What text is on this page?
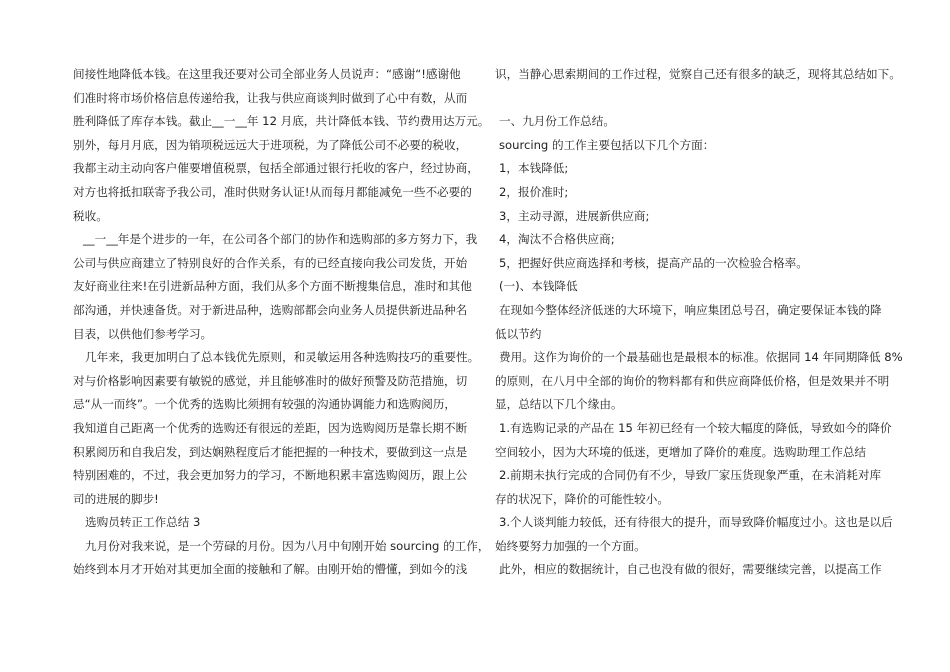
间接性地降低本钱。在这里我还要对公司全部业务人员说声：“感谢“!感谢他
们准时将市场价格信息传递给我，让我与供应商谈判时做到了心中有数，从而
胜利降低了库存本钱。截止__一__年 12 月底，共计降低本钱、节约费用达万元。
别外，每月月底，因为销项税远远大于进项税，为了降低公司不必要的税收，
我都主动主动向客户催要增值税票，包括全部通过银行托收的客户，经过协商，
对方也将抵扣联寄予我公司，准时供财务认证!从而每月都能减免一些不必要的
税收。
__一__年是个进步的一年，在公司各个部门的协作和选购部的多方努力下，我
公司与供应商建立了特别良好的合作关系，有的已经直接向我公司发货，开始
友好商业往来!在引进新品种方面，我们从多个方面不断搜集信息，准时和其他
部沟通，并快速备货。对于新进品种，选购部都会向业务人员提供新进品种名
目表，以供他们参考学习。
几年来，我更加明白了总本钱优先原则，和灵敏运用各种选购技巧的重要性。
对与价格影响因素要有敏锐的感觉，并且能够准时的做好预警及防范措施，切
忌“从一而终”。一个优秀的选购比须拥有较强的沟通协调能力和选购阅历，
我知道自己距离一个优秀的选购还有很远的差距，因为选购阅历是靠长期不断
积累阅历和自我启发，到达娴熟程度后才能把握的一种技术，要做到这一点是
特别困难的，不过，我会更加努力的学习，不断地积累丰富选购阅历，跟上公
司的进展的脚步!
选购员转正工作总结 3
九月份对我来说，是一个劳碌的月份。因为八月中旬刚开始 sourcing 的工作，
始终到本月才开始对其更加全面的接触和了解。由刚开始的懵懂，到如今的浅
识，当静心思索期间的工作过程，觉察自己还有很多的缺乏，现将其总结如下。
一、九月份工作总结。
sourcing 的工作主要包括以下几个方面：
1，本钱降低;
2，报价准时;
3，主动寻源，进展新供应商;
4，淘汰不合格供应商;
5，把握好供应商选择和考核，提高产品的一次检验合格率。
(一)、本钱降低
在现如今整体经济低迷的大环境下，响应集团总号召，确定要保证本钱的降
低以节约
费用。这作为询价的一个最基础也是最根本的标准。依据同 14 年同期降低 8%
的原则，在八月中全部的询价的物料都有和供应商降低价格，但是效果并不明
显，总结以下几个缘由。
1.有选购记录的产品在 15 年初已经有一个较大幅度的降低，导致如今的降价
空间较小，因为大环境的低迷，更增加了降价的难度。选购助理工作总结
2.前期未执行完成的合同仍有不少，导致厂家压货现象严重，在未消耗对库
存的状况下，降价的可能性较小。
3.个人谈判能力较低，还有待很大的提升，而导致降价幅度过小。这也是以后
始终要努力加强的一个方面。
此外，相应的数据统计，自己也没有做的很好，需要继续完善，以提高工作
